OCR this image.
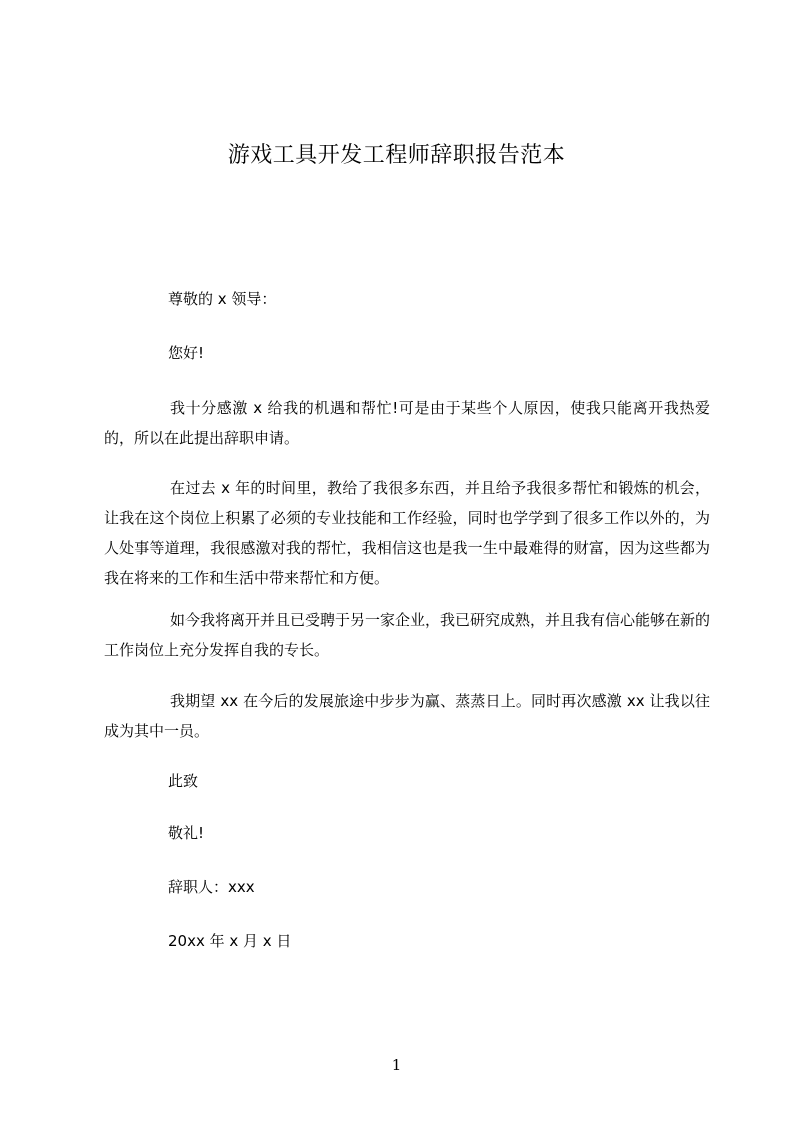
游戏工具开发工程师辞职报告范本

尊敬的 x 领导：

您好!

我十分感激 x 给我的机遇和帮忙!可是由于某些个人原因，使我只能离开我热爱的，所以在此提出辞职申请。

在过去 x 年的时间里，教给了我很多东西，并且给予我很多帮忙和锻炼的机会，让我在这个岗位上积累了必须的专业技能和工作经验，同时也学学到了很多工作以外的，为人处事等道理，我很感激对我的帮忙，我相信这也是我一生中最难得的财富，因为这些都为我在将来的工作和生活中带来帮忙和方便。

如今我将离开并且已受聘于另一家企业，我已研究成熟，并且我有信心能够在新的工作岗位上充分发挥自我的专长。

我期望 xx 在今后的发展旅途中步步为赢、蒸蒸日上。同时再次感激 xx 让我以往成为其中一员。

此致

敬礼!

辞职人：xxx

20xx 年 x 月 x 日

1
